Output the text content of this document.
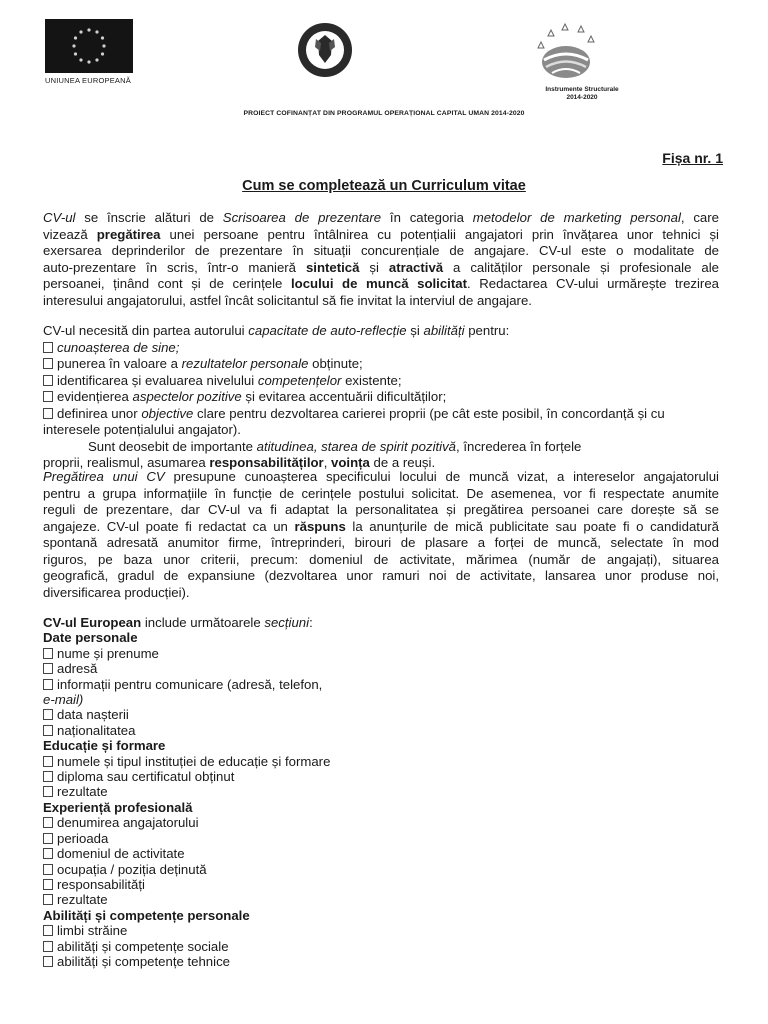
UNIUNEA EUROPEANĂ
Instrumente Structurale
2014-2020
PROIECT COFINANȚAT DIN PROGRAMUL OPERAȚIONAL CAPITAL UMAN 2014-2020
Fișa nr. 1
Cum se completează un Curriculum vitae
CV-ul se înscrie alături de Scrisoarea de prezentare în categoria metodelor de marketing personal, care
vizează pregătirea unei persoane pentru întâlnirea cu potențialii angajatori prin învățarea unor tehnici și
exersarea deprinderilor de prezentare în situații concurențiale de angajare. CV-ul este o modalitate de
auto-prezentare în scris, într-o manieră sintetică și atractivă a calităților personale și profesionale ale
persoanei, ținând cont și de cerințele locului de muncă solicitat. Redactarea CV-ului urmărește trezirea
interesului angajatorului, astfel încât solicitantul să fie invitat la interviul de angajare.
CV-ul necesită din partea autorului capacitate de auto-reflecție și abilități pentru:
cunoașterea de sine;
punerea în valoare a rezultatelor personale obținute;
identificarea și evaluarea nivelului competențelor existente;
evidențierea aspectelor pozitive și evitarea accentuării dificultăților;
definirea unor objective clare pentru dezvoltarea carierei proprii (pe cât este posibil, în concordanță și cu
interesele potențialului angajator).
Sunt deosebit de importante atitudinea, starea de spirit pozitivă, încrederea în forțele
proprii, realismul, asumarea responsabilităților, voința de a reuși.
Pregătirea unui CV presupune cunoașterea specificului locului de muncă vizat, a intereselor angajatorului
pentru a grupa informațiile în funcție de cerințele postului solicitat. De asemenea, vor fi respectate anumite
reguli de prezentare, dar CV-ul va fi adaptat la personalitatea și pregătirea persoanei care dorește să se
angajeze. CV-ul poate fi redactat ca un răspuns la anunțurile de mică publicitate sau poate fi o candidatură
spontană adresată anumitor firme, întreprinderi, birouri de plasare a forței de muncă, selectate în mod
riguros, pe baza unor criterii, precum: domeniul de activitate, mărimea (număr de angajați), situarea
geografică, gradul de expansiune (dezvoltarea unor ramuri noi de activitate, lansarea unor produse noi,
diversificarea producției).
CV-ul European include următoarele secțiuni:
Date personale
nume și prenume
adresă
informații pentru comunicare (adresă, telefon,
e-mail)
data nașterii
naționalitatea
Educație și formare
numele și tipul instituției de educație și formare
diploma sau certificatul obținut
rezultate
Experiență profesională
denumirea angajatorului
perioada
domeniul de activitate
ocupația / poziția deținută
responsabilități
rezultate
Abilități și competențe personale
limbi străine
abilități și competențe sociale
abilități și competențe tehnice
